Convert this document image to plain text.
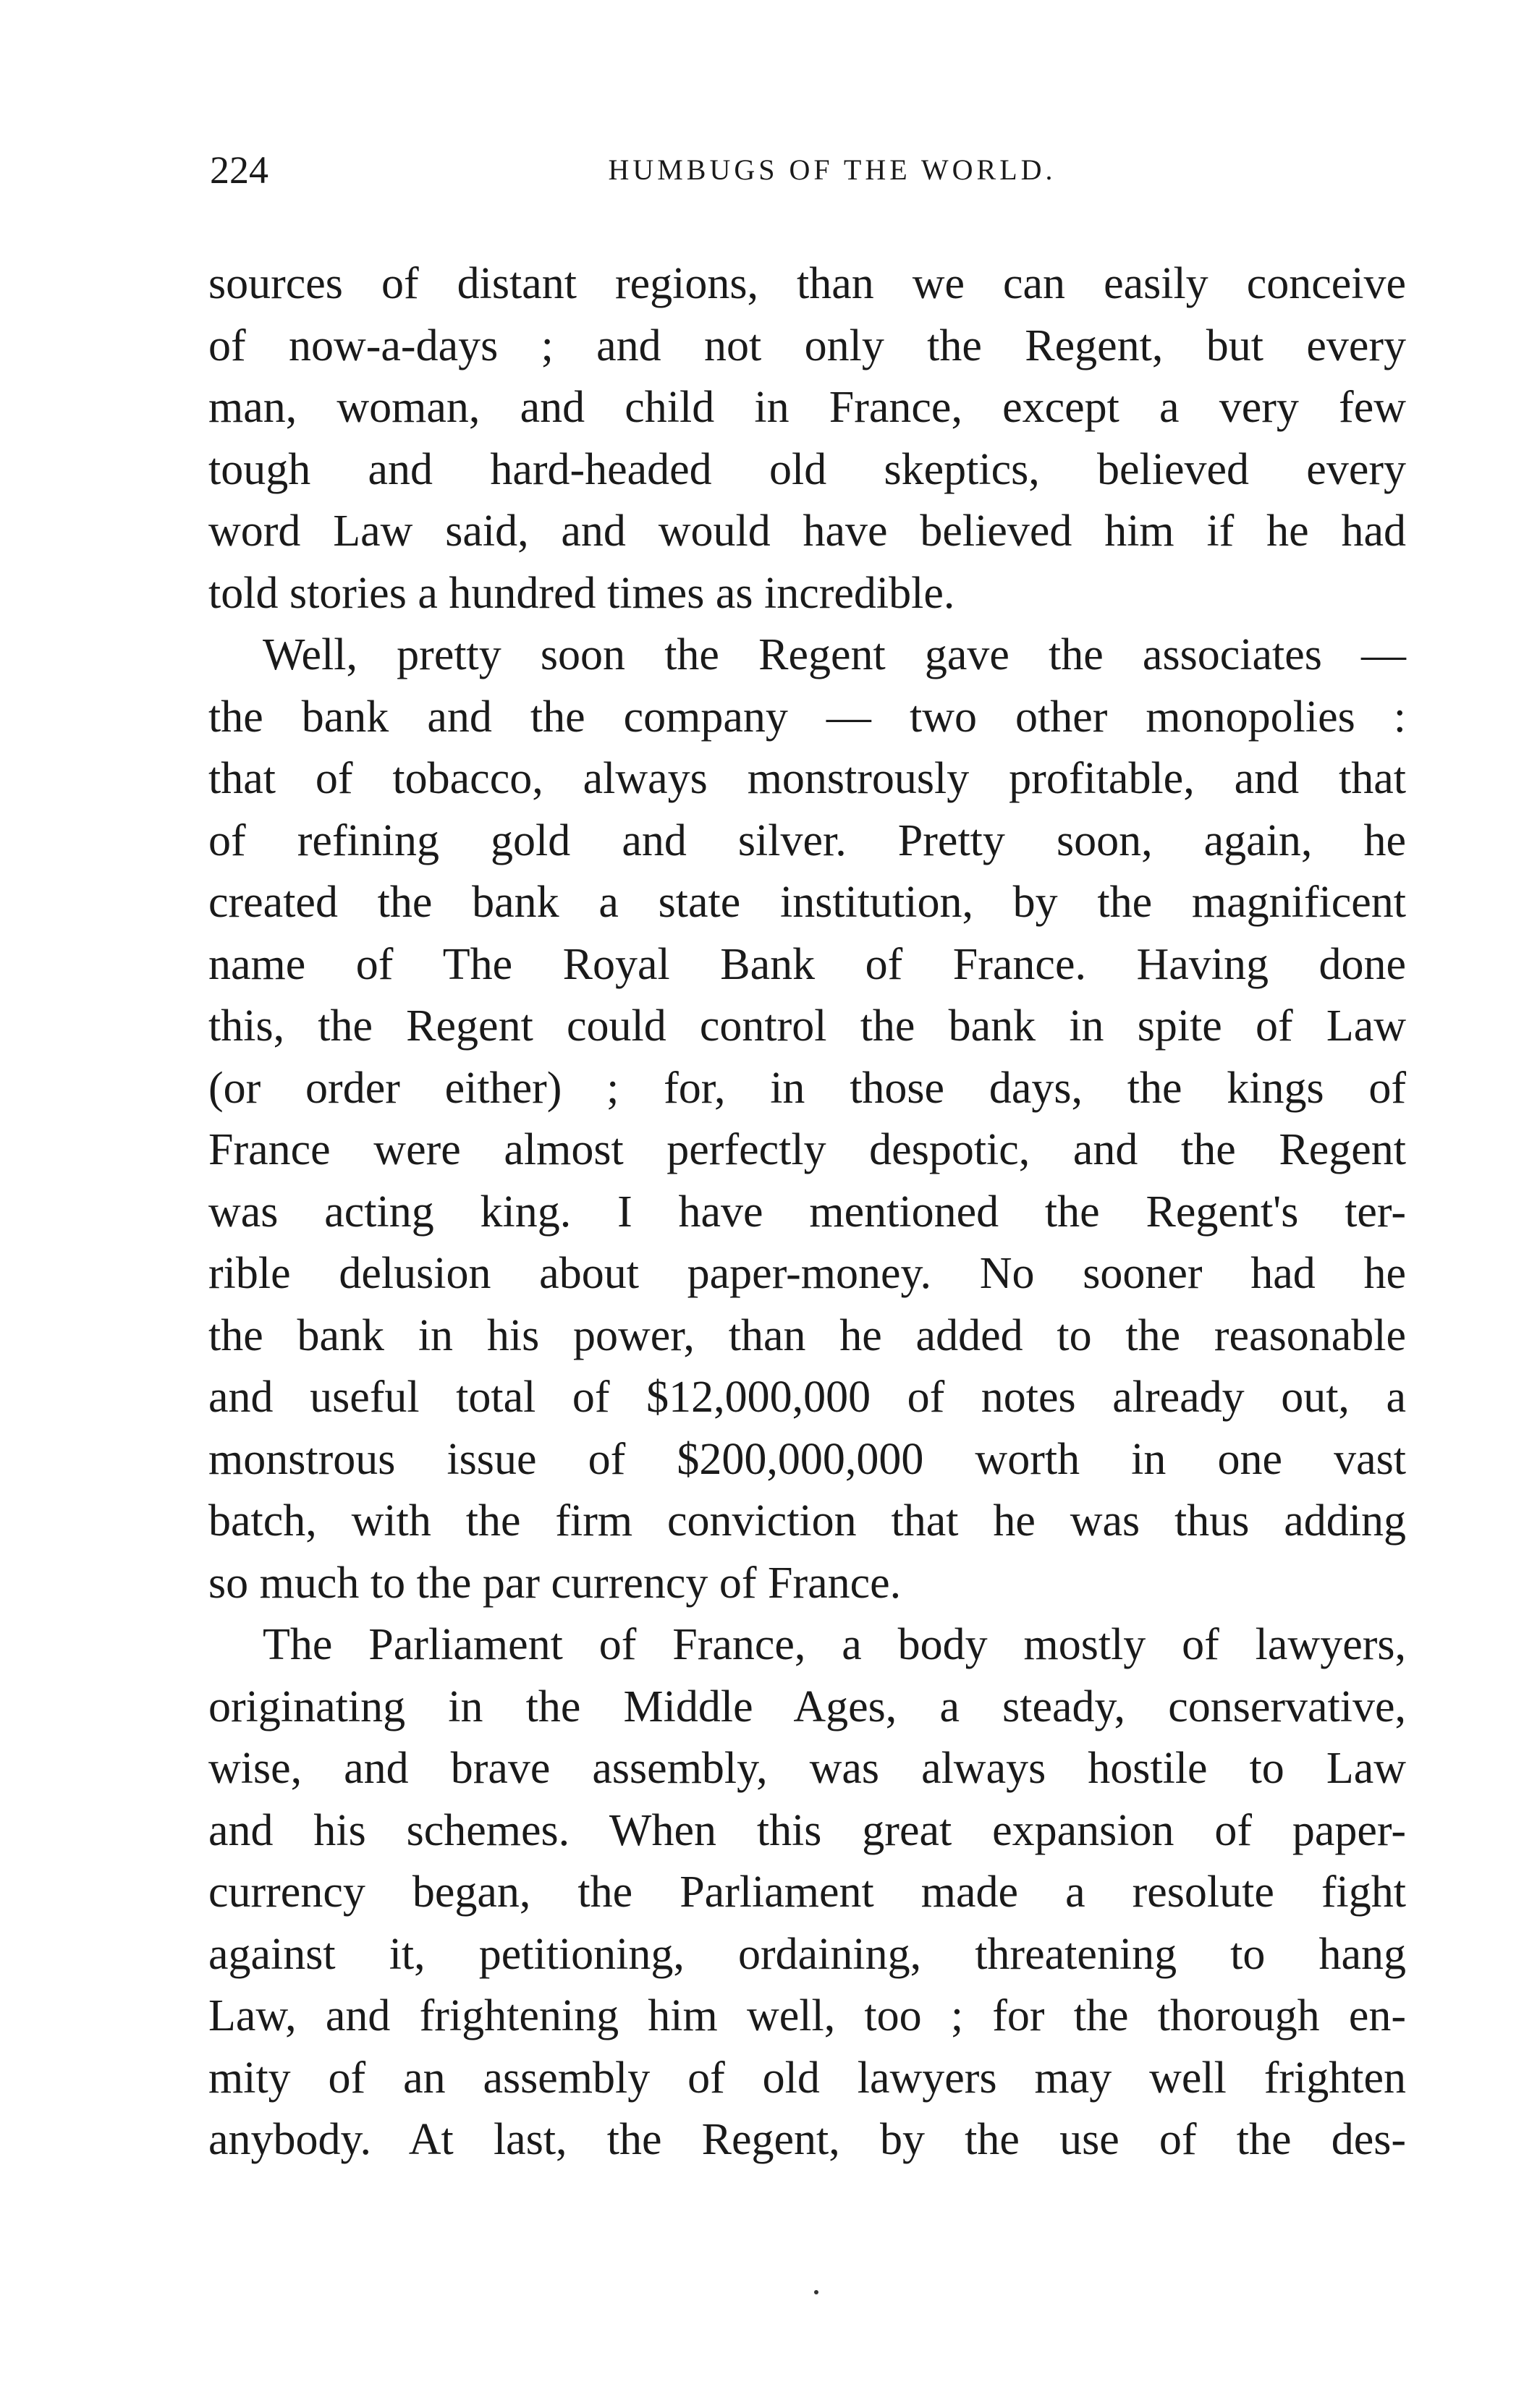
224	HUMBUGS OF THE WORLD.
sources of distant regions, than we can easily conceive
of now-a-days ; and not only the Regent, but every
man, woman, and child in France, except a very few
tough and hard-headed old skeptics, believed every
word Law said, and would have believed him if he had
told stories a hundred times as incredible.
Well, pretty soon the Regent gave the associates —
the bank and the company — two other monopolies :
that of tobacco, always monstrously profitable, and that
of refining gold and silver. Pretty soon, again, he
created the bank a state institution, by the magnificent
name of The Royal Bank of France. Having done
this, the Regent could control the bank in spite of Law
(or order either) ; for, in those days, the kings of
France were almost perfectly despotic, and the Regent
was acting king. I have mentioned the Regent's ter-
rible delusion about paper-money. No sooner had he
the bank in his power, than he added to the reasonable
and useful total of $12,000,000 of notes already out, a
monstrous issue of $200,000,000 worth in one vast
batch, with the firm conviction that he was thus adding
so much to the par currency of France.
The Parliament of France, a body mostly of lawyers,
originating in the Middle Ages, a steady, conservative,
wise, and brave assembly, was always hostile to Law
and his schemes. When this great expansion of paper-
currency began, the Parliament made a resolute fight
against it, petitioning, ordaining, threatening to hang
Law, and frightening him well, too ; for the thorough en-
mity of an assembly of old lawyers may well frighten
anybody. At last, the Regent, by the use of the des-
